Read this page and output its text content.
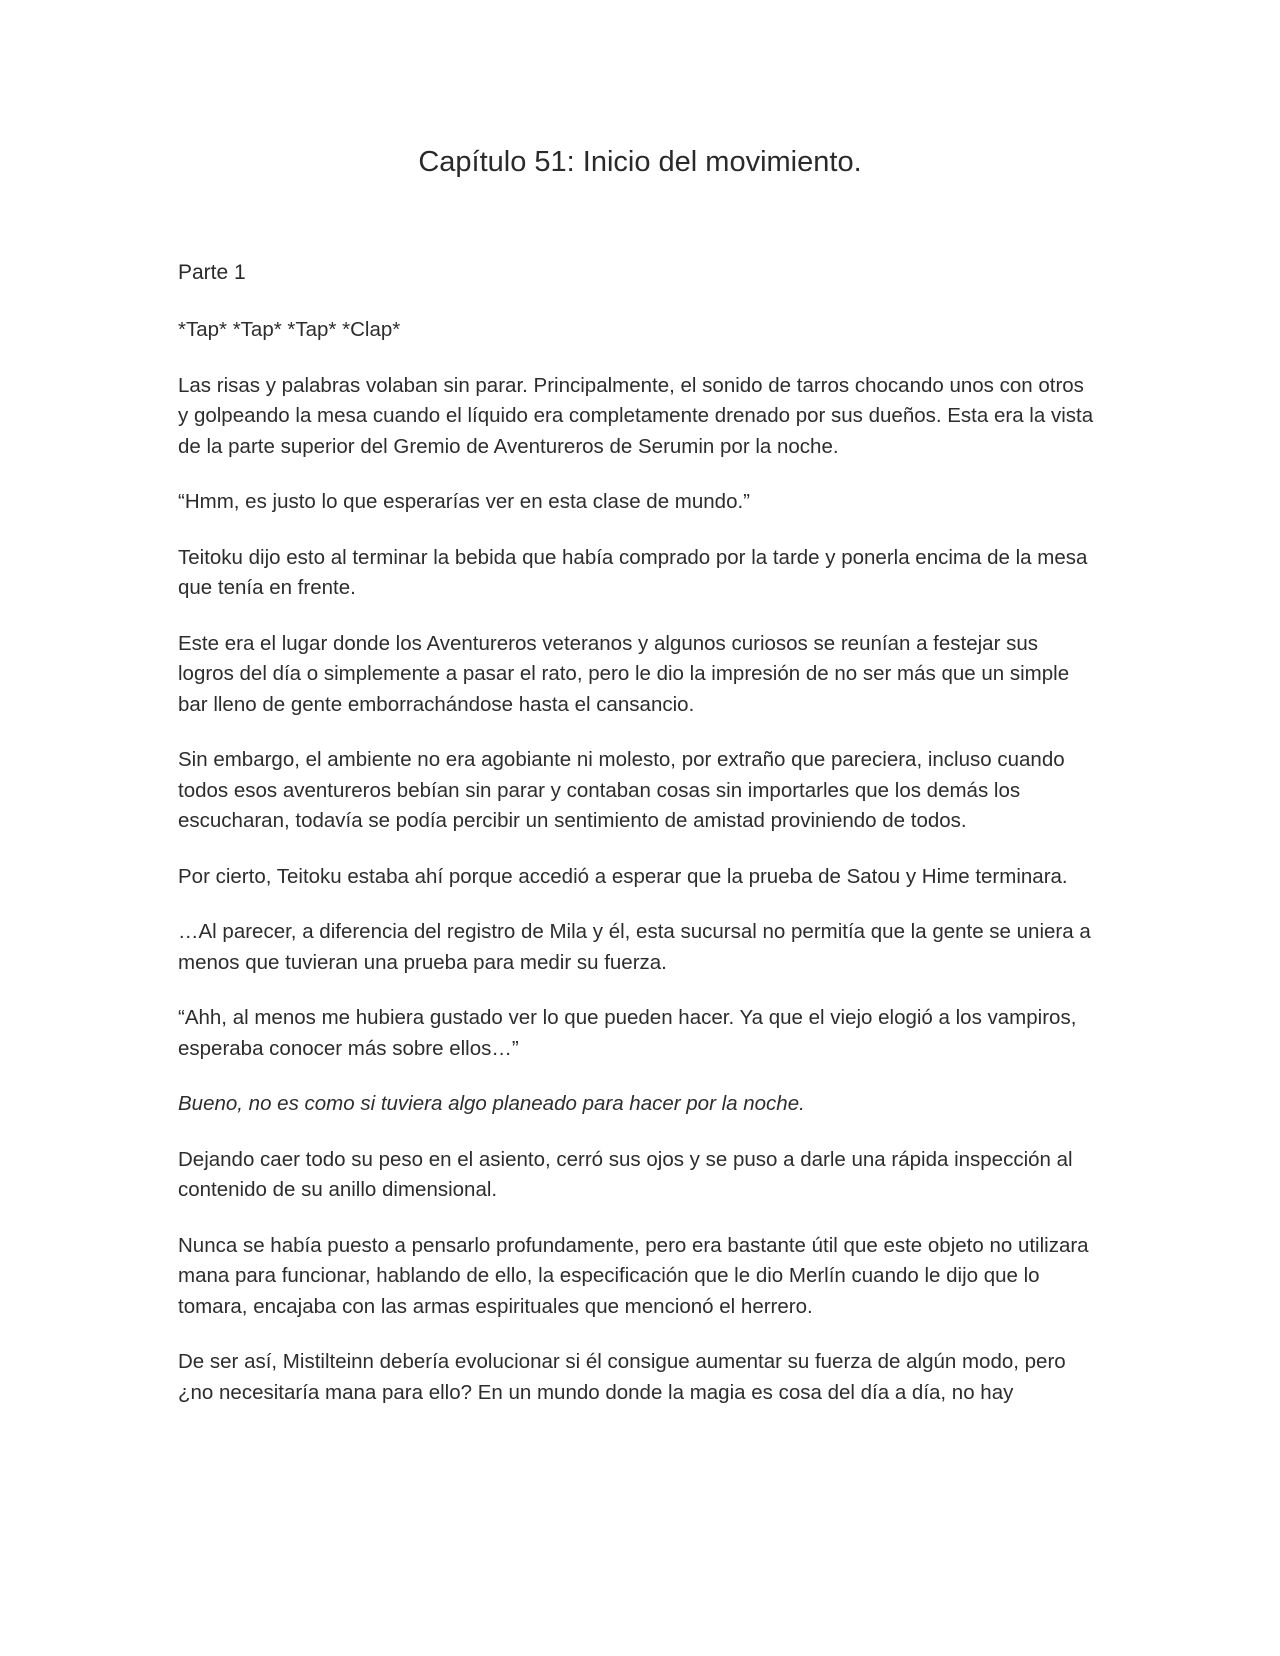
Capítulo 51: Inicio del movimiento.
Parte 1

*Tap* *Tap* *Tap* *Clap*

Las risas y palabras volaban sin parar. Principalmente, el sonido de tarros chocando unos con otros y golpeando la mesa cuando el líquido era completamente drenado por sus dueños. Esta era la vista de la parte superior del Gremio de Aventureros de Serumin por la noche.

“Hmm, es justo lo que esperarías ver en esta clase de mundo.”

Teitoku dijo esto al terminar la bebida que había comprado por la tarde y ponerla encima de la mesa que tenía en frente.

Este era el lugar donde los Aventureros veteranos y algunos curiosos se reunían a festejar sus logros del día o simplemente a pasar el rato, pero le dio la impresión de no ser más que un simple bar lleno de gente emborrachándose hasta el cansancio.

Sin embargo, el ambiente no era agobiante ni molesto, por extraño que pareciera, incluso cuando todos esos aventureros bebían sin parar y contaban cosas sin importarles que los demás los escucharan, todavía se podía percibir un sentimiento de amistad proviniendo de todos.

Por cierto, Teitoku estaba ahí porque accedió a esperar que la prueba de Satou y Hime terminara.

…Al parecer, a diferencia del registro de Mila y él, esta sucursal no permitía que la gente se uniera a menos que tuvieran una prueba para medir su fuerza.

“Ahh, al menos me hubiera gustado ver lo que pueden hacer. Ya que el viejo elogió a los vampiros, esperaba conocer más sobre ellos…”

Bueno, no es como si tuviera algo planeado para hacer por la noche.

Dejando caer todo su peso en el asiento, cerró sus ojos y se puso a darle una rápida inspección al contenido de su anillo dimensional.

Nunca se había puesto a pensarlo profundamente, pero era bastante útil que este objeto no utilizara mana para funcionar, hablando de ello, la especificación que le dio Merlín cuando le dijo que lo tomara, encajaba con las armas espirituales que mencionó el herrero.

De ser así, Mistilteinn debería evolucionar si él consigue aumentar su fuerza de algún modo, pero ¿no necesitaría mana para ello? En un mundo donde la magia es cosa del día a día, no hay
